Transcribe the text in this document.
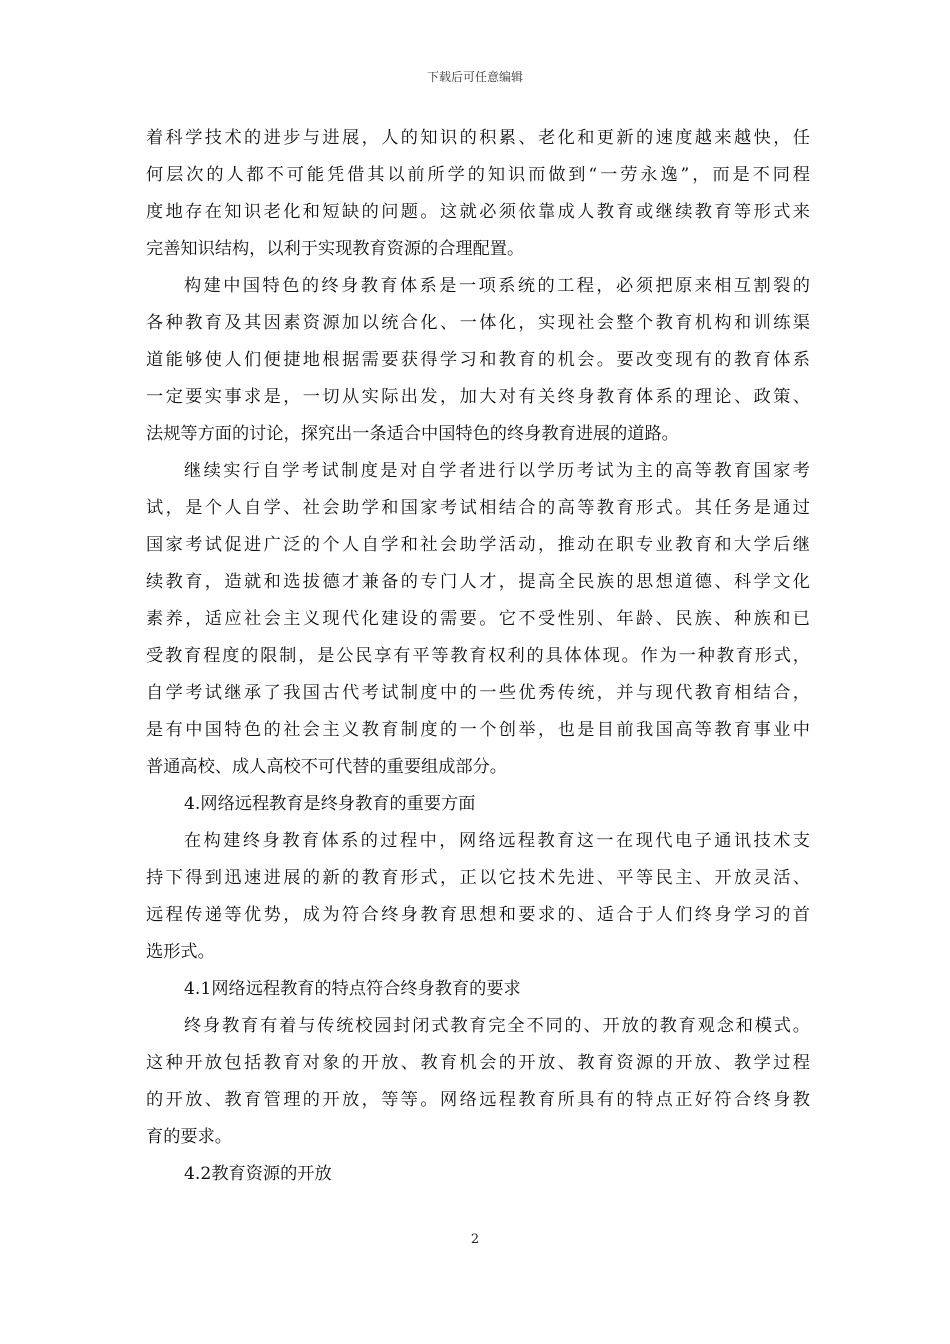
下载后可任意编辑
着科学技术的进步与进展，人的知识的积累、老化和更新的速度越来越快，任
何层次的人都不可能凭借其以前所学的知识而做到“一劳永逸”，而是不同程
度地存在知识老化和短缺的问题。这就必须依靠成人教育或继续教育等形式来
完善知识结构，以利于实现教育资源的合理配置。
构建中国特色的终身教育体系是一项系统的工程，必须把原来相互割裂的
各种教育及其因素资源加以统合化、一体化，实现社会整个教育机构和训练渠
道能够使人们便捷地根据需要获得学习和教育的机会。要改变现有的教育体系
一定要实事求是，一切从实际出发，加大对有关终身教育体系的理论、政策、
法规等方面的讨论，探究出一条适合中国特色的终身教育进展的道路。
继续实行自学考试制度是对自学者进行以学历考试为主的高等教育国家考
试，是个人自学、社会助学和国家考试相结合的高等教育形式。其任务是通过
国家考试促进广泛的个人自学和社会助学活动，推动在职专业教育和大学后继
续教育，造就和选拔德才兼备的专门人才，提高全民族的思想道德、科学文化
素养，适应社会主义现代化建设的需要。它不受性别、年龄、民族、种族和已
受教育程度的限制，是公民享有平等教育权利的具体体现。作为一种教育形式，
自学考试继承了我国古代考试制度中的一些优秀传统，并与现代教育相结合，
是有中国特色的社会主义教育制度的一个创举，也是目前我国高等教育事业中
普通高校、成人高校不可代替的重要组成部分。
4.网络远程教育是终身教育的重要方面
在构建终身教育体系的过程中，网络远程教育这一在现代电子通讯技术支
持下得到迅速进展的新的教育形式，正以它技术先进、平等民主、开放灵活、
远程传递等优势，成为符合终身教育思想和要求的、适合于人们终身学习的首
选形式。
4.1网络远程教育的特点符合终身教育的要求
终身教育有着与传统校园封闭式教育完全不同的、开放的教育观念和模式。
这种开放包括教育对象的开放、教育机会的开放、教育资源的开放、教学过程
的开放、教育管理的开放，等等。网络远程教育所具有的特点正好符合终身教
育的要求。
4.2教育资源的开放
2
